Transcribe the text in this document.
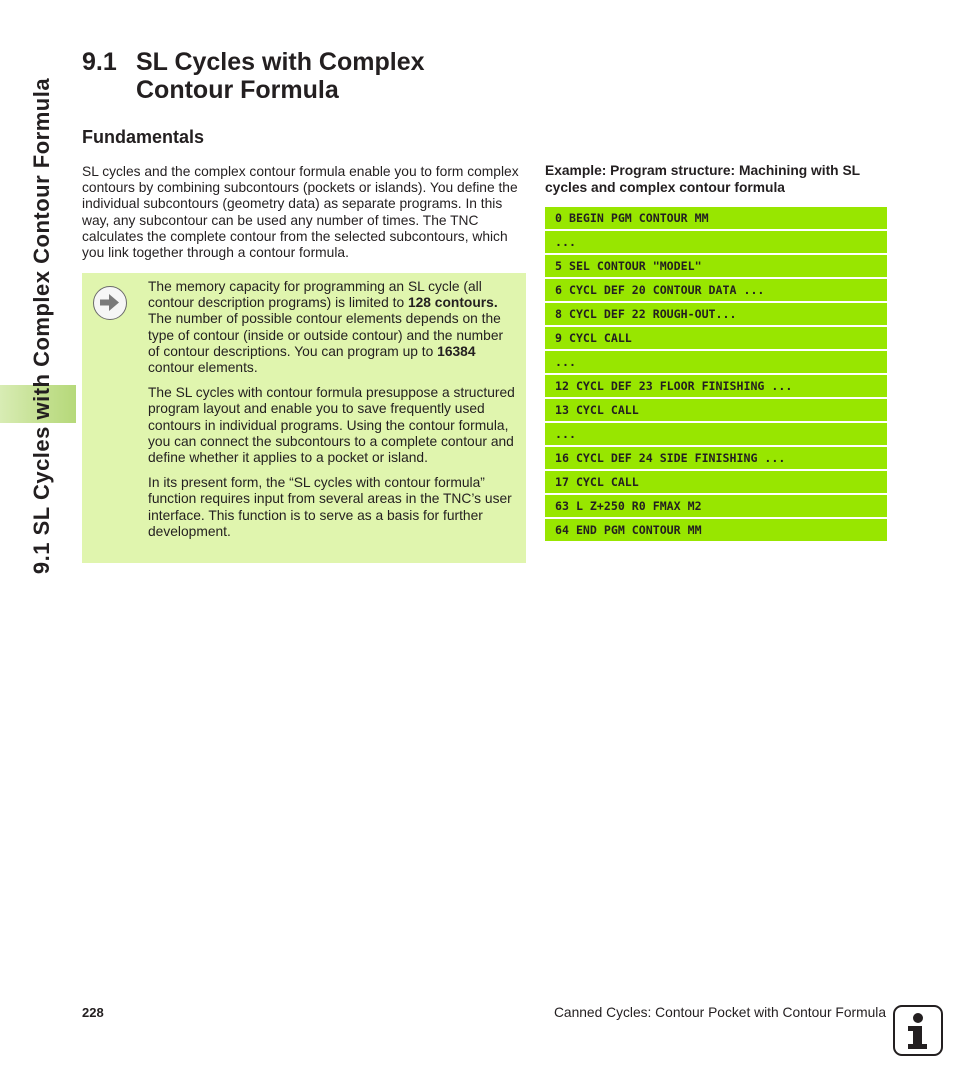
9.1 SL Cycles with Complex Contour Formula
9.1 SL Cycles with Complex
Contour Formula
Fundamentals

SL cycles and the complex contour formula enable you to form complex contours by combining subcontours (pockets or islands). You define the individual subcontours (geometry data) as separate programs. In this way, any subcontour can be used any number of times. The TNC calculates the complete contour from the selected subcontours, which you link together through a contour formula.

The memory capacity for programming an SL cycle (all contour description programs) is limited to 128 contours. The number of possible contour elements depends on the type of contour (inside or outside contour) and the number of contour descriptions. You can program up to 16384 contour elements.

The SL cycles with contour formula presuppose a structured program layout and enable you to save frequently used contours in individual programs. Using the contour formula, you can connect the subcontours to a complete contour and define whether it applies to a pocket or island.

In its present form, the “SL cycles with contour formula” function requires input from several areas in the TNC’s user interface. This function is to serve as a basis for further development.

Example: Program structure: Machining with SL cycles and complex contour formula

0 BEGIN PGM CONTOUR MM
...
5 SEL CONTOUR "MODEL"
6 CYCL DEF 20 CONTOUR DATA ...
8 CYCL DEF 22 ROUGH-OUT...
9 CYCL CALL
...
12 CYCL DEF 23 FLOOR FINISHING ...
13 CYCL CALL
...
16 CYCL DEF 24 SIDE FINISHING ...
17 CYCL CALL
63 L Z+250 R0 FMAX M2
64 END PGM CONTOUR MM
228	Canned Cycles: Contour Pocket with Contour Formula
